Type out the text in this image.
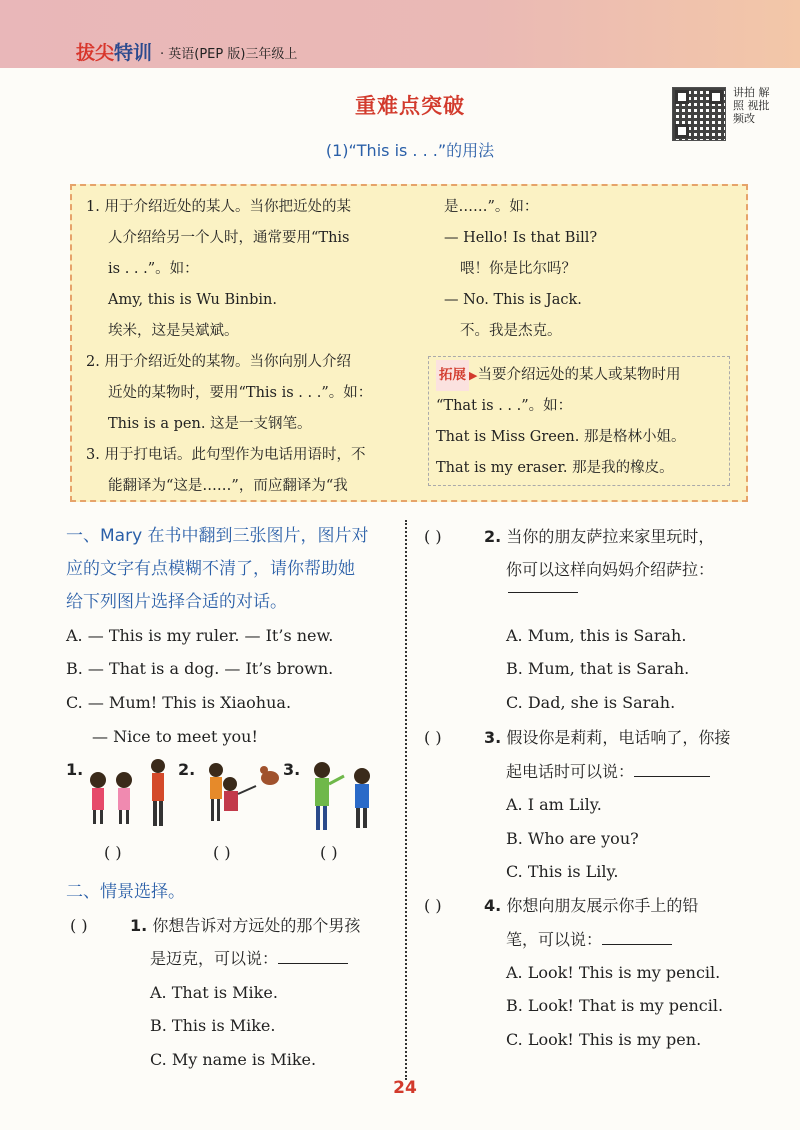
拔尖特训 · 英语(PEP 版)三年级上
重难点突破
(1)“This is . . .”的用法
讲拍 解照 视批 频改
1. 用于介绍近处的某人。当你把近处的某
人介绍给另一个人时，通常要用“This
is . . .”。如：
Amy, this is Wu Binbin.
埃米，这是吴斌斌。
2. 用于介绍近处的某物。当你向别人介绍
近处的某物时，要用“This is . . .”。如：
This is a pen. 这是一支钢笔。
3. 用于打电话。此句型作为电话用语时，不
能翻译为“这是……”，而应翻译为“我
是……”。如：
— Hello! Is that Bill?
喂！你是比尔吗？
— No. This is Jack.
不。我是杰克。
拓展 ▶当要介绍远处的某人或某物时用
“That is . . .”。如：
That is Miss Green. 那是格林小姐。
That is my eraser. 那是我的橡皮。
一、Mary 在书中翻到三张图片，图片对
应的文字有点模糊不清了，请你帮助她
给下列图片选择合适的对话。
A. — This is my ruler. — It’s new.
B. — That is a dog. — It’s brown.
C. — Mum! This is Xiaohua.
— Nice to meet you!
1.	2.	3.
( )	( )	( )
二、情景选择。
( )	1. 你想告诉对方远处的那个男孩
是迈克，可以说：
A. That is Mike.
B. This is Mike.
C. My name is Mike.
( )	2. 当你的朋友萨拉来家里玩时，
你可以这样向妈妈介绍萨拉：
A. Mum, this is Sarah.
B. Mum, that is Sarah.
C. Dad, she is Sarah.
( )	3. 假设你是莉莉，电话响了，你接
起电话时可以说：
A. I am Lily.
B. Who are you?
C. This is Lily.
( )	4. 你想向朋友展示你手上的铅
笔，可以说：
A. Look! This is my pencil.
B. Look! That is my pencil.
C. Look! This is my pen.
24
